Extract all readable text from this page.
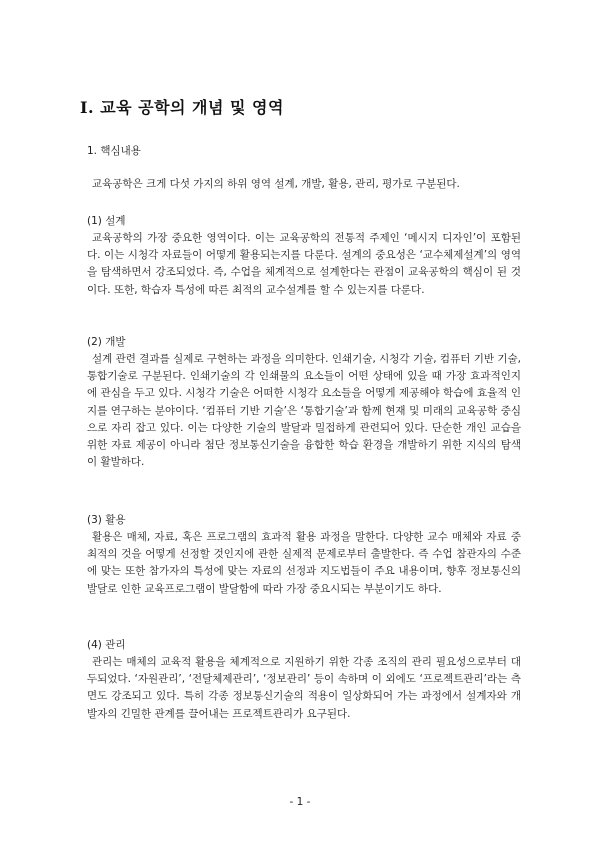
Ⅰ. 교육 공학의 개념 및 영역
1. 핵심내용
교육공학은 크게 다섯 가지의 하위 영역 설계, 개발, 활용, 관리, 평가로 구분된다.
(1) 설계

교육공학의 가장 중요한 영역이다. 이는 교육공학의 전통적 주제인 ‘메시지 디자인’이 포함된다. 이는 시청각 자료들이 어떻게 활용되는지를 다룬다. 설계의 중요성은 ‘교수체제설계’의 영역을 탐색하면서 강조되었다. 즉, 수업을 체계적으로 설계한다는 관점이 교육공학의 핵심이 된 것이다. 또한, 학습자 특성에 따른 최적의 교수설계를 할 수 있는지를 다룬다.

(2) 개발

설계 관련 결과를 실제로 구현하는 과정을 의미한다. 인쇄기술, 시청각 기술, 컴퓨터 기반 기술, 통합기술로 구분된다. 인쇄기술의 각 인쇄물의 요소들이 어떤 상태에 있을 때 가장 효과적인지에 관심을 두고 있다. 시청각 기술은 어떠한 시청각 요소들을 어떻게 제공해야 학습에 효율적 인지를 연구하는 분야이다. ‘컴퓨터 기반 기술’은 ‘통합기술’과 함께 현재 및 미래의 교육공학 중심으로 자리 잡고 있다. 이는 다양한 기술의 발달과 밀접하게 관련되어 있다. 단순한 개인 교습을 위한 자료 제공이 아니라 첨단 정보통신기술을 융합한 학습 환경을 개발하기 위한 지식의 탐색이 활발하다.

(3) 활용

활용은 매체, 자료, 혹은 프로그램의 효과적 활용 과정을 말한다. 다양한 교수 매체와 자료 중 최적의 것을 어떻게 선정할 것인지에 관한 실제적 문제로부터 출발한다. 즉 수업 참관자의 수준에 맞는 또한 참가자의 특성에 맞는 자료의 선정과 지도법들이 주요 내용이며, 향후 정보통신의 발달로 인한 교육프로그램이 발달함에 따라 가장 중요시되는 부분이기도 하다.

(4) 관리

관리는 매체의 교육적 활용을 체계적으로 지원하기 위한 각종 조직의 관리 필요성으로부터 대두되었다. ‘자원관리’, ‘전달체제관리’, ‘정보관리’ 등이 속하며 이 외에도 ‘프로젝트관리’라는 측면도 강조되고 있다. 특히 각종 정보통신기술의 적용이 일상화되어 가는 과정에서 설계자와 개발자의 긴밀한 관계를 끌어내는 프로젝트관리가 요구된다.

- 1 -
